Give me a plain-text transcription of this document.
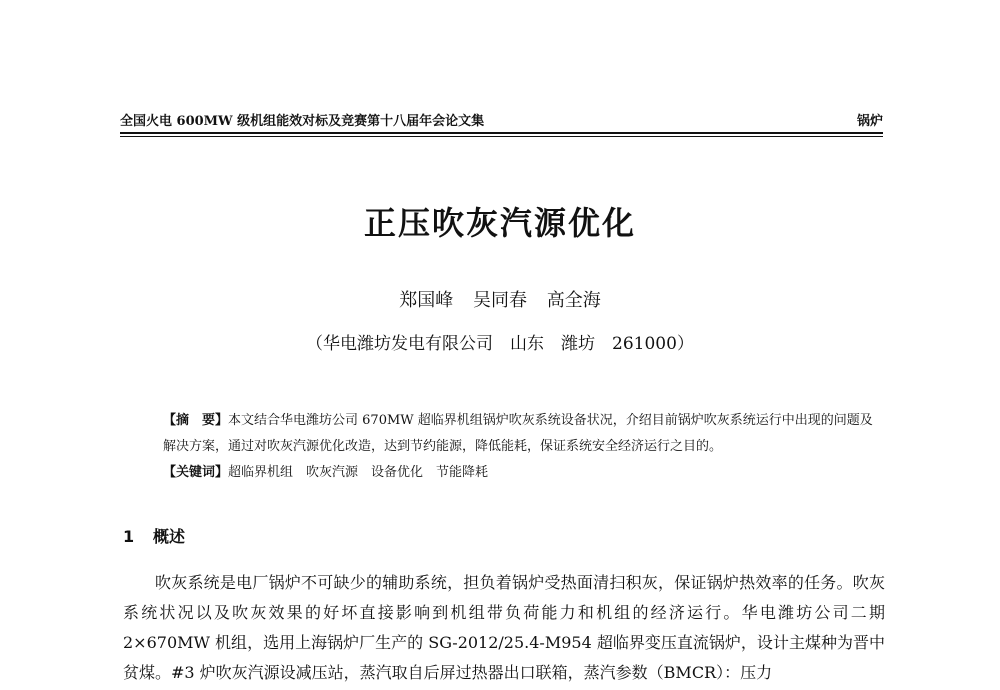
全国火电 600MW 级机组能效对标及竞赛第十八届年会论文集	锅炉
正压吹灰汽源优化
郑国峰 吴同春 高全海
（华电潍坊发电有限公司　山东　潍坊　261000）

【摘　要】本文结合华电潍坊公司 670MW 超临界机组锅炉吹灰系统设备状况，介绍目前锅炉吹灰系统运行中出现的问题及解决方案，通过对吹灰汽源优化改造，达到节约能源，降低能耗，保证系统安全经济运行之目的。

【关键词】超临界机组　吹灰汽源　设备优化　节能降耗

1 概述

吹灰系统是电厂锅炉不可缺少的辅助系统，担负着锅炉受热面清扫积灰，保证锅炉热效率的任务。吹灰系统状况以及吹灰效果的好坏直接影响到机组带负荷能力和机组的经济运行。华电潍坊公司二期 2×670MW 机组，选用上海锅炉厂生产的 SG-2012/25.4-M954 超临界变压直流锅炉，设计主煤种为晋中贫煤。#3 炉吹灰汽源设减压站，蒸汽取自后屏过热器出口联箱，蒸汽参数（BMCR）：压力
